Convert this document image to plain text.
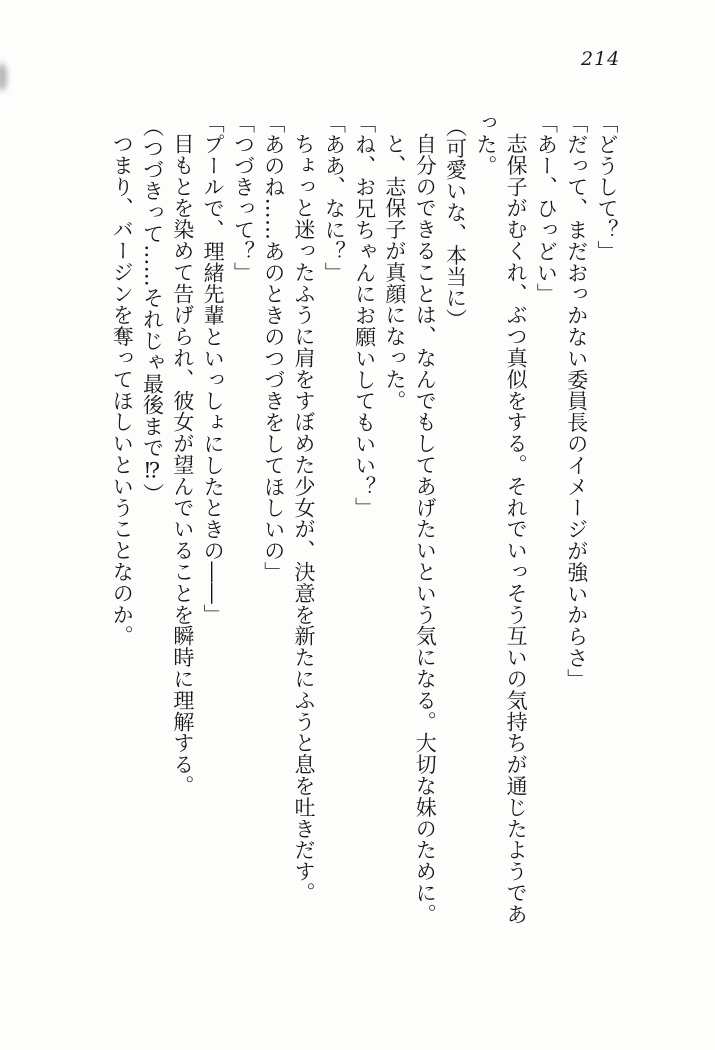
214

「どうして？」

「だって、まだおっかない委員長のイメージが強いからさ」

「あー、ひっどい」

志保子がむくれ、ぶつ真似をする。それでいっそう互いの気持ちが通じたようであった。

（可愛いな、本当に）

自分のできることは、なんでもしてあげたいという気になる。大切な妹のために。

と、志保子が真顔になった。

「ね、お兄ちゃんにお願いしてもいい？」

「ああ、なに？」

ちょっと迷ったふうに肩をすぼめた少女が、決意を新たにふうと息を吐きだす。

「あのね……あのときのつづきをしてほしいの」

「つづきって？」

「プールで、理緒先輩といっしょにしたときの――」

目もとを染めて告げられ、彼女が望んでいることを瞬時に理解する。

（つづきって……それじゃ最後まで⁉）

つまり、バージンを奪ってほしいということなのか。
